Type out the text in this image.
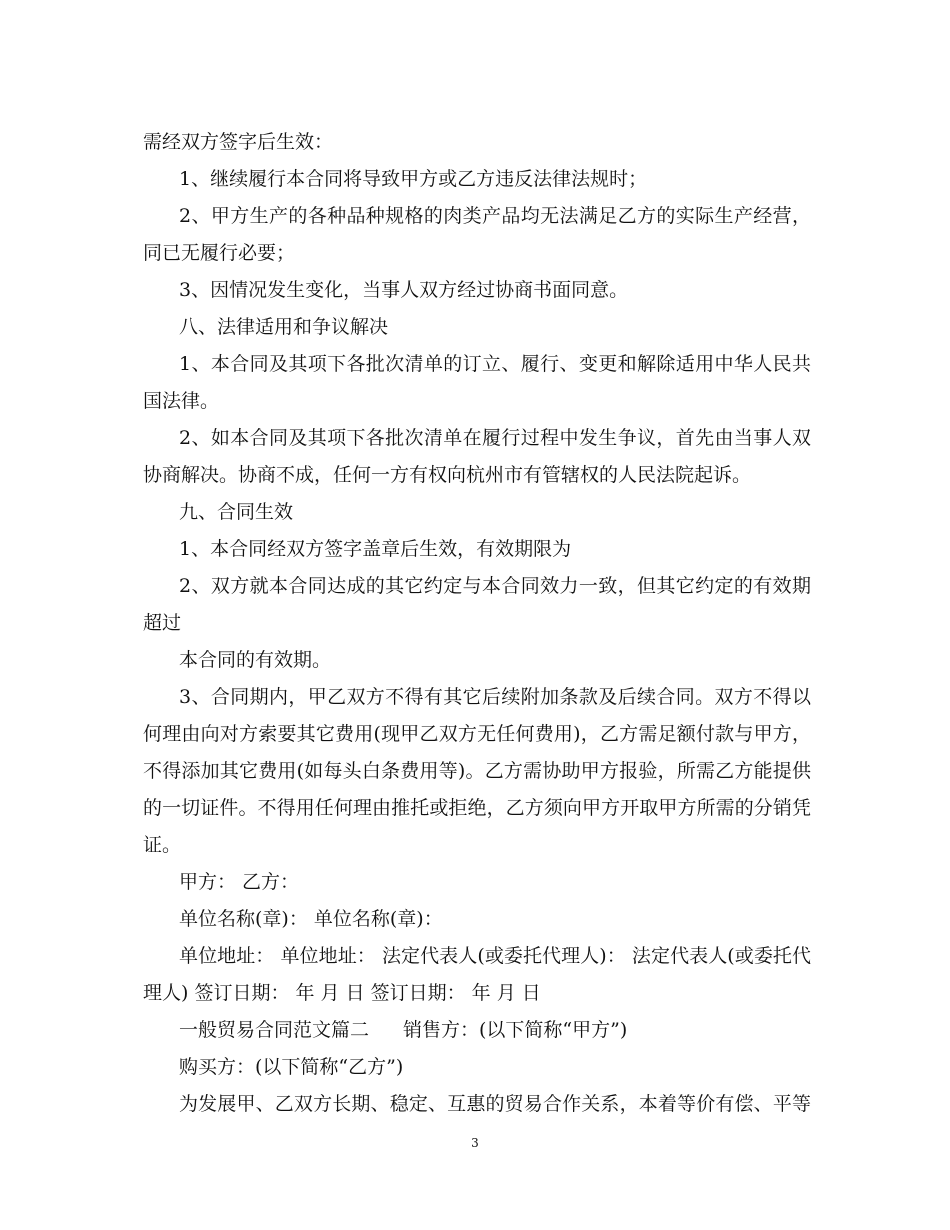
需经双方签字后生效：
1、继续履行本合同将导致甲方或乙方违反法律法规时；
2、甲方生产的各种品种规格的肉类产品均无法满足乙方的实际生产经营，
同已无履行必要；
3、因情况发生变化，当事人双方经过协商书面同意。
八、法律适用和争议解决
1、本合同及其项下各批次清单的订立、履行、变更和解除适用中华人民共
国法律。
2、如本合同及其项下各批次清单在履行过程中发生争议，首先由当事人双
协商解决。协商不成，任何一方有权向杭州市有管辖权的人民法院起诉。
九、合同生效
1、本合同经双方签字盖章后生效，有效期限为
2、双方就本合同达成的其它约定与本合同效力一致，但其它约定的有效期
超过
本合同的有效期。
3、合同期内，甲乙双方不得有其它后续附加条款及后续合同。双方不得以
何理由向对方索要其它费用(现甲乙双方无任何费用)，乙方需足额付款与甲方，
不得添加其它费用(如每头白条费用等)。乙方需协助甲方报验，所需乙方能提供
的一切证件。不得用任何理由推托或拒绝，乙方须向甲方开取甲方所需的分销凭
证。
甲方： 乙方：
单位名称(章)： 单位名称(章)：
单位地址： 单位地址： 法定代表人(或委托代理人)： 法定代表人(或委托代
理人) 签订日期： 年 月 日 签订日期： 年 月 日
一般贸易合同范文篇二 销售方：(以下简称“甲方”)
购买方：(以下简称“乙方”)
为发展甲、乙双方长期、稳定、互惠的贸易合作关系，本着等价有偿、平等
3
